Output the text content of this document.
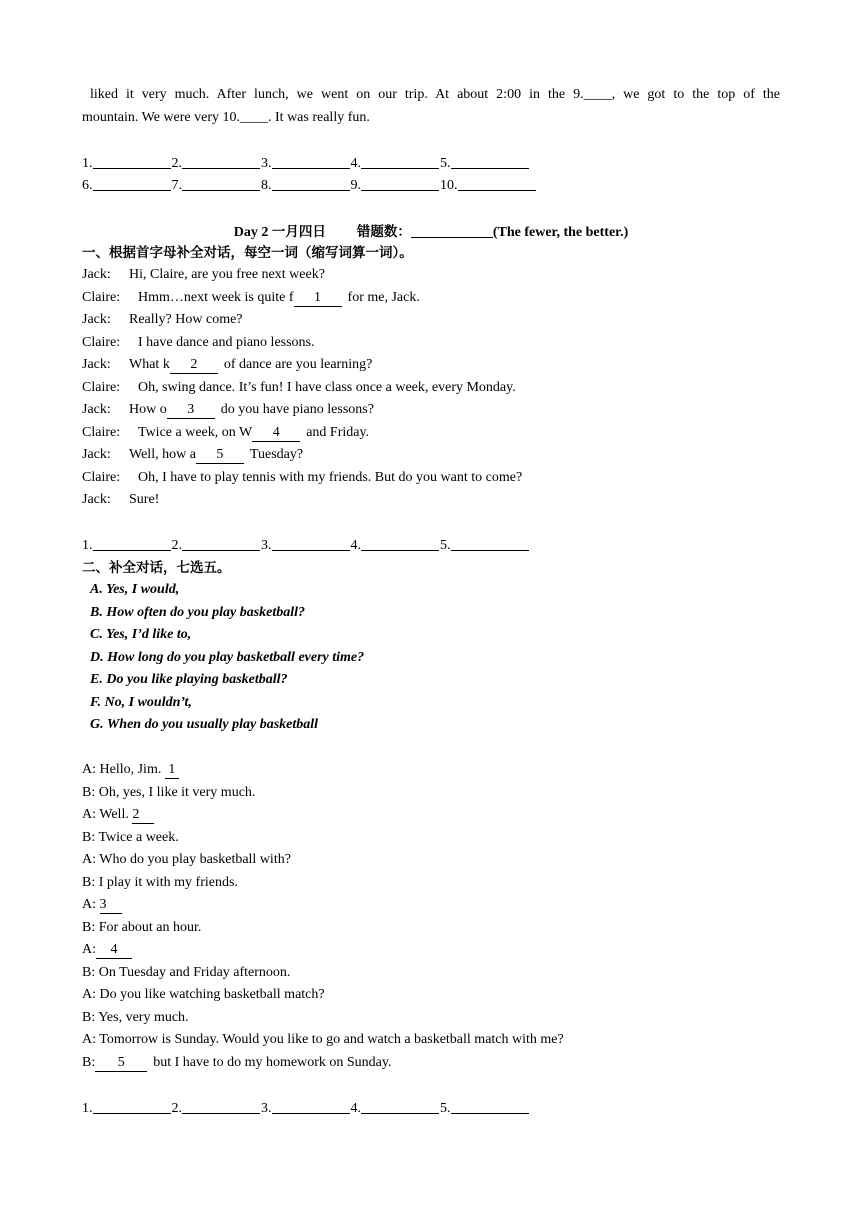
liked it very much. After lunch, we went on our trip. At about 2:00 in the 9.____, we got to the top of the
mountain. We were very 10.____. It was really fun.
1.	2.	3.	4.	5.
6.	7.	8.	9.	10.
Day 2 一月四日 错题数：	(The fewer, the better.)
一、根据首字母补全对话，每空一词（缩写词算一词）。
Jack: Hi, Claire, are you free next week?
Claire: Hmm…next week is quite f 1 for me, Jack.
Jack: Really? How come?
Claire: I have dance and piano lessons.
Jack: What k 2 of dance are you learning?
Claire: Oh, swing dance. It’s fun! I have class once a week, every Monday.
Jack: How o 3 do you have piano lessons?
Claire: Twice a week, on W 4 and Friday.
Jack: Well, how a 5 Tuesday?
Claire: Oh, I have to play tennis with my friends. But do you want to come?
Jack: Sure!
1.	2.	3.	4.	5.
二、补全对话，七选五。
A. Yes, I would,
B. How often do you play basketball?
C. Yes, I’d like to,
D. How long do you play basketball every time?
E. Do you like playing basketball?
F. No, I wouldn’t,
G. When do you usually play basketball
A: Hello, Jim. 1
B: Oh, yes, I like it very much.
A: Well. 2
B: Twice a week.
A: Who do you play basketball with?
B: I play it with my friends.
A: 3
B: For about an hour.
A: 4
B: On Tuesday and Friday afternoon.
A: Do you like watching basketball match?
B: Yes, very much.
A: Tomorrow is Sunday. Would you like to go and watch a basketball match with me?
B: 5 but I have to do my homework on Sunday.
1.	2.	3.	4.	5.
